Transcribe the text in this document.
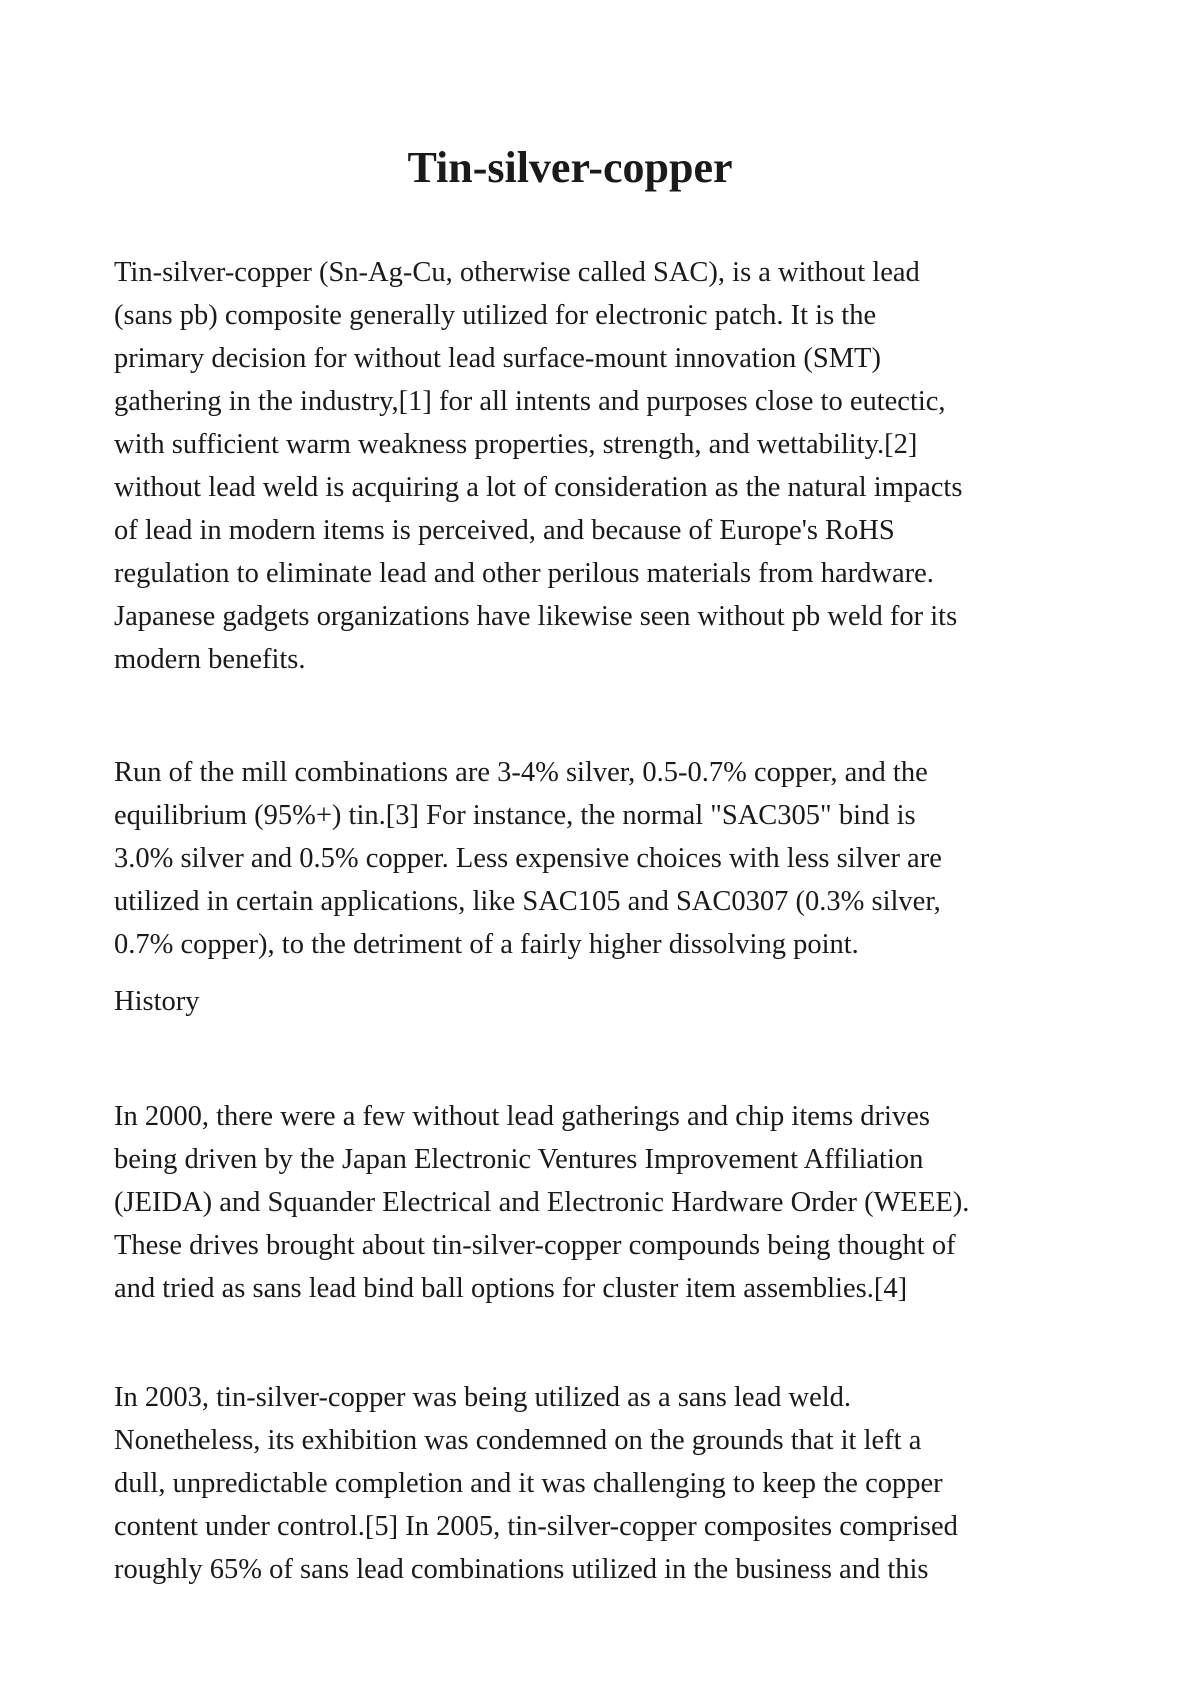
Tin-silver-copper

Tin-silver-copper (Sn-Ag-Cu, otherwise called SAC), is a without lead
(sans pb) composite generally utilized for electronic patch. It is the
primary decision for without lead surface-mount innovation (SMT)
gathering in the industry,[1] for all intents and purposes close to eutectic,
with sufficient warm weakness properties, strength, and wettability.[2]
without lead weld is acquiring a lot of consideration as the natural impacts
of lead in modern items is perceived, and because of Europe's RoHS
regulation to eliminate lead and other perilous materials from hardware.
Japanese gadgets organizations have likewise seen without pb weld for its
modern benefits.

Run of the mill combinations are 3-4% silver, 0.5-0.7% copper, and the
equilibrium (95%+) tin.[3] For instance, the normal "SAC305" bind is
3.0% silver and 0.5% copper. Less expensive choices with less silver are
utilized in certain applications, like SAC105 and SAC0307 (0.3% silver,
0.7% copper), to the detriment of a fairly higher dissolving point.

History

In 2000, there were a few without lead gatherings and chip items drives
being driven by the Japan Electronic Ventures Improvement Affiliation
(JEIDA) and Squander Electrical and Electronic Hardware Order (WEEE).
These drives brought about tin-silver-copper compounds being thought of
and tried as sans lead bind ball options for cluster item assemblies.[4]

In 2003, tin-silver-copper was being utilized as a sans lead weld.
Nonetheless, its exhibition was condemned on the grounds that it left a
dull, unpredictable completion and it was challenging to keep the copper
content under control.[5] In 2005, tin-silver-copper composites comprised
roughly 65% of sans lead combinations utilized in the business and this
